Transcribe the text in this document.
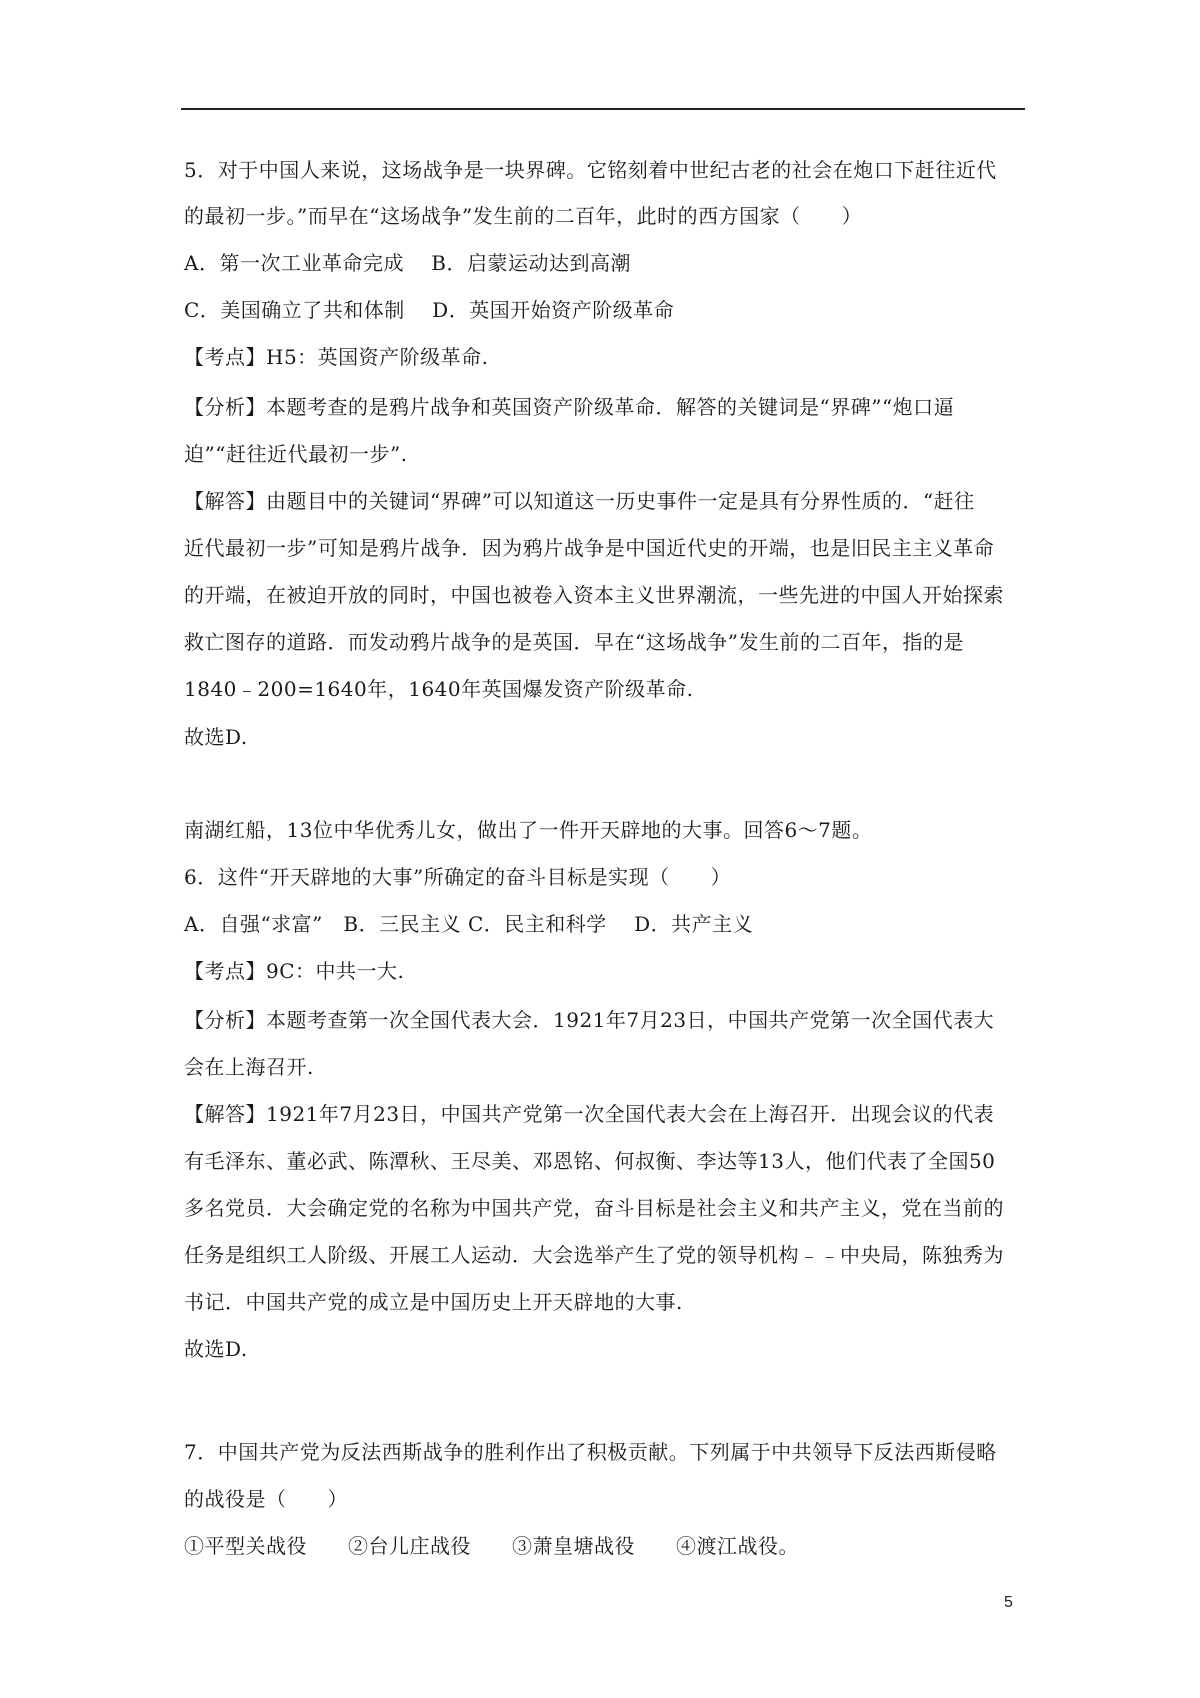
5．对于中国人来说，这场战争是一块界碑。它铭刻着中世纪古老的社会在炮口下赶往近代
的最初一步。”而早在“这场战争”发生前的二百年，此时的西方国家（　　）
A．第一次工业革命完成　 B．启蒙运动达到高潮
C．美国确立了共和体制　 D．英国开始资产阶级革命
【考点】H5：英国资产阶级革命.
【分析】本题考查的是鸦片战争和英国资产阶级革命．解答的关键词是“界碑”“炮口逼
迫”“赶往近代最初一步”.
【解答】由题目中的关键词“界碑”可以知道这一历史事件一定是具有分界性质的．“赶往
近代最初一步”可知是鸦片战争．因为鸦片战争是中国近代史的开端，也是旧民主主义革命
的开端，在被迫开放的同时，中国也被卷入资本主义世界潮流，一些先进的中国人开始探索
救亡图存的道路．而发动鸦片战争的是英国．早在“这场战争”发生前的二百年，指的是
1840﹣200=1640年，1640年英国爆发资产阶级革命.
故选D.
南湖红船，13位中华优秀儿女，做出了一件开天辟地的大事。回答6～7题。
6．这件“开天辟地的大事”所确定的奋斗目标是实现（　　）
A．自强“求富”　B．三民主义 C．民主和科学　 D．共产主义
【考点】9C：中共一大.
【分析】本题考查第一次全国代表大会．1921年7月23日，中国共产党第一次全国代表大
会在上海召开.
【解答】1921年7月23日，中国共产党第一次全国代表大会在上海召开．出现会议的代表
有毛泽东、董必武、陈潭秋、王尽美、邓恩铭、何叔衡、李达等13人，他们代表了全国50
多名党员．大会确定党的名称为中国共产党，奋斗目标是社会主义和共产主义，党在当前的
任务是组织工人阶级、开展工人运动．大会选举产生了党的领导机构﹣﹣中央局，陈独秀为
书记．中国共产党的成立是中国历史上开天辟地的大事.
故选D.
7．中国共产党为反法西斯战争的胜利作出了积极贡献。下列属于中共领导下反法西斯侵略
的战役是（　　）
①平型关战役　　②台儿庄战役　　③萧皇塘战役　　④渡江战役。
5
